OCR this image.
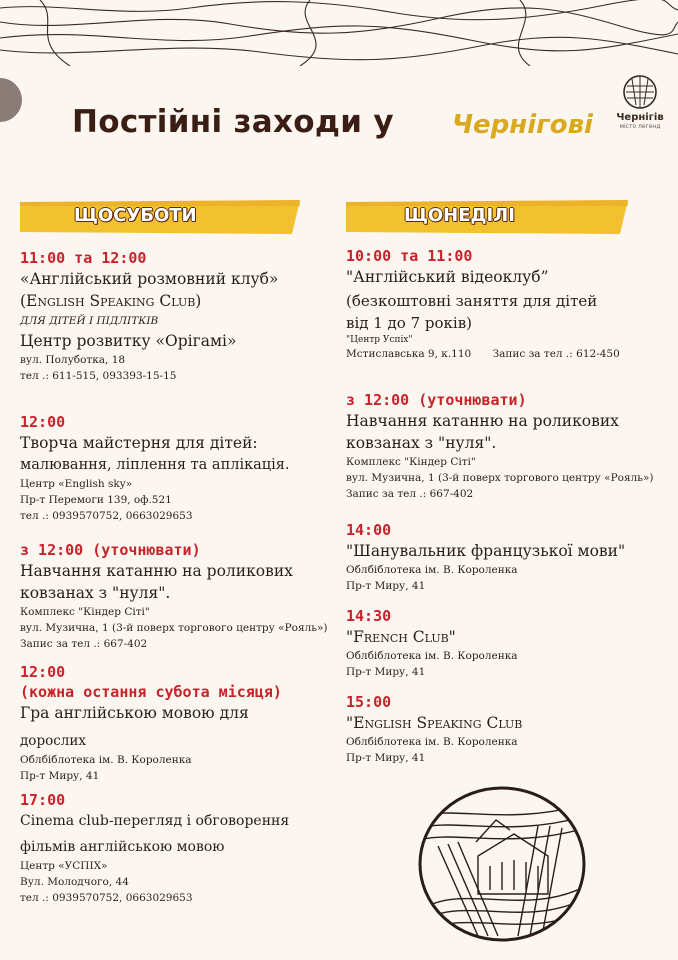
Постійні заходи у Чернігові	Чернігів
місто легенд
ЩОСУБОТИ	ЩОНЕДІЛІ
11:00 та 12:00
«Англійський розмовний клуб»
(English Speaking Club)
ДЛЯ ДІТЕЙ І ПІДЛІТКІВ
Центр розвитку «Орігамі»
вул. Полуботка, 18
тел .: 611-515, 093393-15-15
12:00
Творча майстерня для дітей:
малювання, ліплення та аплікація.
Центр «English sky»
Пр-т Перемоги 139, оф.521
тел .: 0939570752, 0663029653
з 12:00 (уточнювати)
Навчання катанню на роликових
ковзанах з "нуля".
Комплекс "Кіндер Сіті"
вул. Музична, 1 (3-й поверх торгового центру «Рояль»)
Запис за тел .: 667-402
12:00
(кожна остання субота місяця)
Гра англійською мовою для
дорослих
Облбіблотека ім. В. Короленка
Пр-т Миру, 41
17:00
Cinema club-перегляд і обговорення
фільмів англійською мовою
Центр «УСПІХ»
Вул. Молодчого, 44
тел .: 0939570752, 0663029653
10:00 та 11:00
"Англійський відеоклуб”
(безкоштовні заняття для дітей
від 1 до 7 років)
"Центр Успіх"
Мстиславська 9, к.110 Запис за тел .: 612-450
з 12:00 (уточнювати)
Навчання катанню на роликових
ковзанах з "нуля".
Комплекс "Кіндер Сіті"
вул. Музична, 1 (3-й поверх торгового центру «Рояль»)
Запис за тел .: 667-402
14:00
"Шанувальник французької мови"
Облбіблотека ім. В. Короленка
Пр-т Миру, 41
14:30
"French Club"
Облбіблотека ім. В. Короленка
Пр-т Миру, 41
15:00
"English Speaking Club
Облбіблотека ім. В. Короленка
Пр-т Миру, 41
